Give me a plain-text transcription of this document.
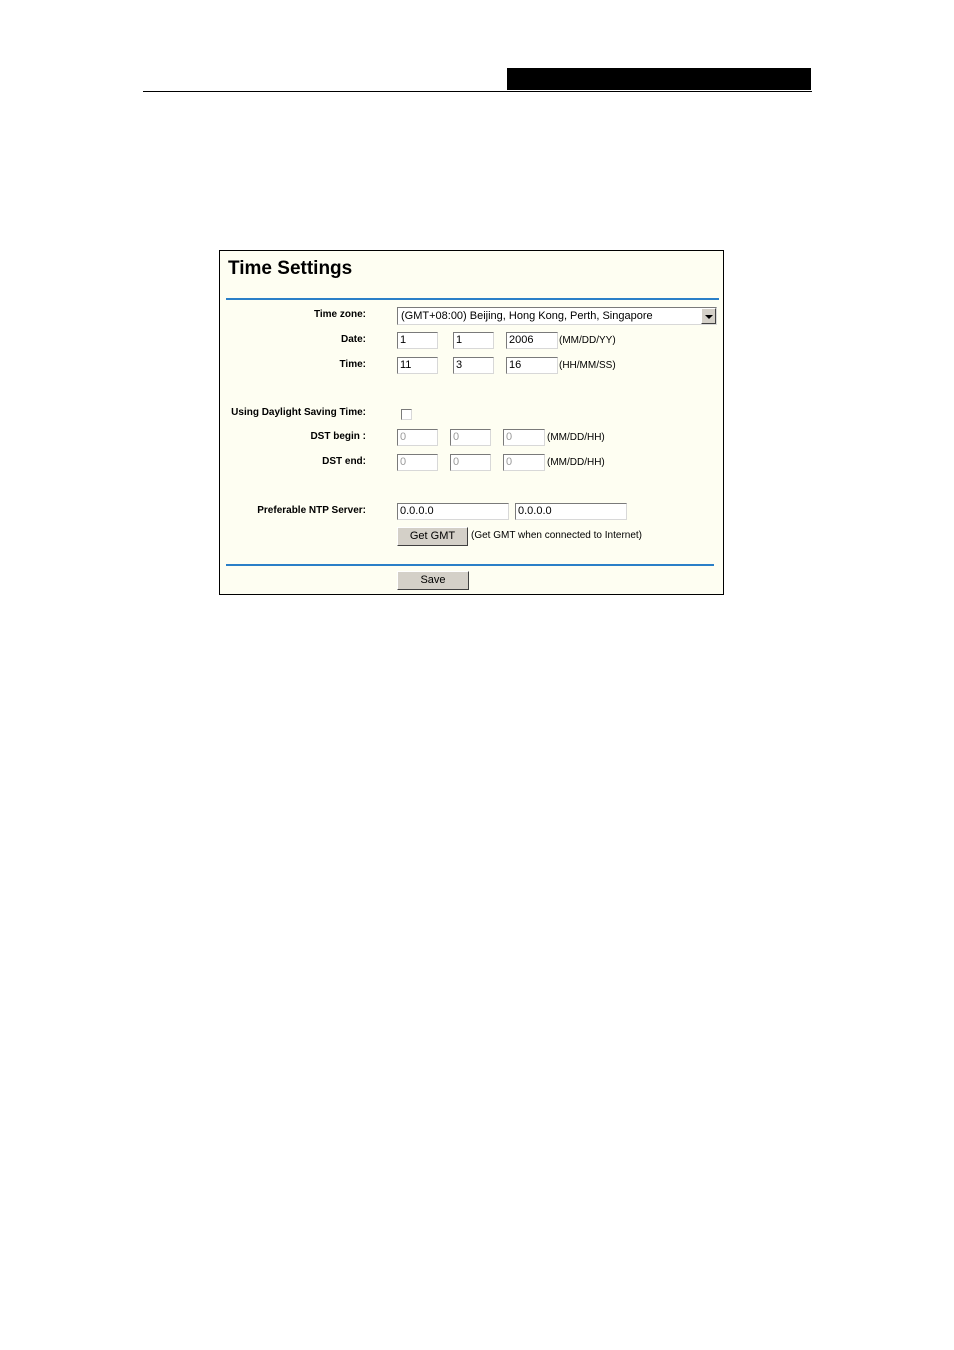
Time Settings
Time zone:	(GMT+08:00) Beijing, Hong Kong, Perth, Singapore
Date:	1	1	2006	(MM/DD/YY)
Time:	11	3	16	(HH/MM/SS)
Using Daylight Saving Time:
DST begin :	0	0	0	(MM/DD/HH)
DST end:	0	0	0	(MM/DD/HH)
Preferable NTP Server:	0.0.0.0	0.0.0.0
Get GMT	(Get GMT when connected to Internet)
Save
